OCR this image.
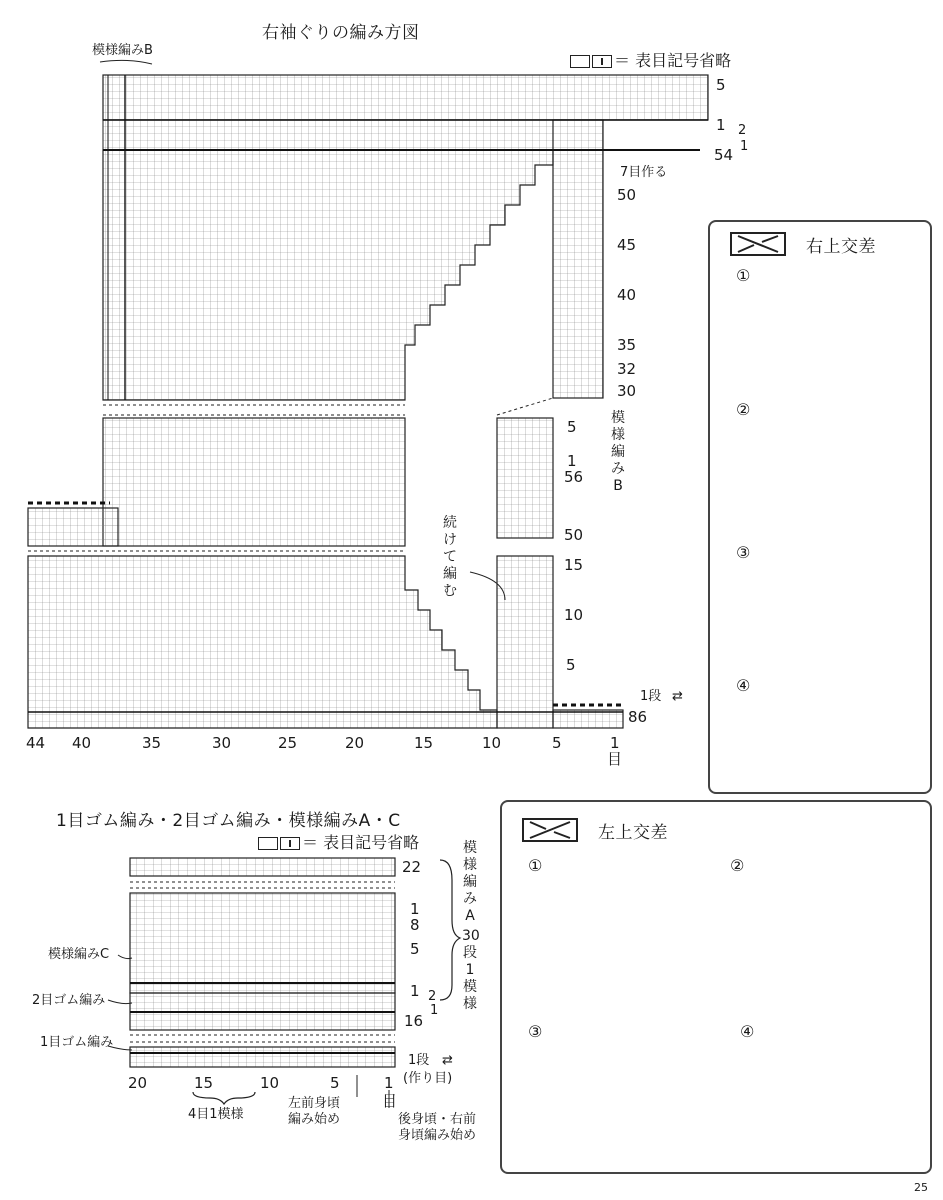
右袖ぐりの編み方図
模様編みB
＝ 表目記号省略
5
1 2
1
54
7目作る
50
45
40
35
32
30
5
1
56
50
15
10
5
模様編みB
続けて編む
1段 ⇄
86
44 40	35	30	25	20	15	10	5	1
目
右上交差
①
②
③
④
左上交差
①	②
③	④
1目ゴム編み・2目ゴム編み・模様編みA・C
＝ 表目記号省略
模様編みC
2目ゴム編み
1目ゴム編み
22
1
8
5
1 2
1
16
1段 ⇄
(作り目)
模様編みA
30段1模様
20	15	10	5	1
目
4目1模様
左前身頃編み始め	後身頃・右前身頃編み始め
25
